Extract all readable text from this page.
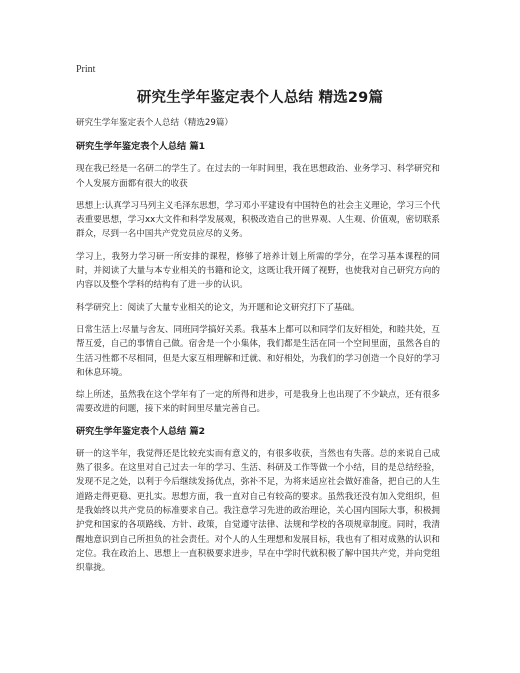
Print
研究生学年鉴定表个人总结 精选29篇

研究生学年鉴定表个人总结（精选29篇）

研究生学年鉴定表个人总结 篇1

现在我已经是一名研二的学生了。在过去的一年时间里，我在思想政治、业务学习、科学研究和个人发展方面都有很大的收获

思想上:认真学习马列主义毛泽东思想，学习邓小平建设有中国特色的社会主义理论，学习三个代表重要思想，学习xx大文件和科学发展观，积极改造自己的世界观、人生观、价值观，密切联系群众，尽到一名中国共产党党员应尽的义务。

学习上，我努力学习研一所安排的课程，修够了培养计划上所需的学分，在学习基本课程的同时，并阅读了大量与本专业相关的书籍和论文，这既让我开阔了视野，也使我对自己研究方向的内容以及整个学科的结构有了进一步的认识。

科学研究上：阅读了大量专业相关的论文，为开题和论文研究打下了基础。

日常生活上:尽量与舍友、同班同学搞好关系。我基本上都可以和同学们友好相处，和睦共处，互帮互爱，自己的事情自己做。宿舍是一个小集体，我们都是生活在同一个空间里面，虽然各自的生活习性都不尽相同，但是大家互相理解和迁就、和好相处，为我们的学习创造一个良好的学习和休息环境。

综上所述，虽然我在这个学年有了一定的所得和进步，可是我身上也出现了不少缺点，还有很多需要改进的问题，接下来的时间里尽量完善自己。

研究生学年鉴定表个人总结 篇2

研一的这半年，我觉得还是比较充实而有意义的，有很多收获，当然也有失落。总的来说自己成熟了很多。在这里对自己过去一年的学习、生活、科研及工作等做一个小结，目的是总结经验，发现不足之处，以利于今后继续发扬优点，弥补不足，为将来适应社会做好准备，把自己的人生道路走得更稳、更扎实。思想方面，我一直对自己有较高的要求。虽然我还没有加入党组织，但是我始终以共产党员的标准要求自己。我注意学习先进的政治理论，关心国内国际大事，积极拥护党和国家的各项路线、方针、政策，自觉遵守法律、法规和学校的各项规章制度。同时，我清醒地意识到自己所担负的社会责任。对个人的人生理想和发展目标，我也有了相对成熟的认识和定位。我在政治上、思想上一直积极要求进步，早在中学时代就积极了解中国共产党，并向党组织靠拢。
